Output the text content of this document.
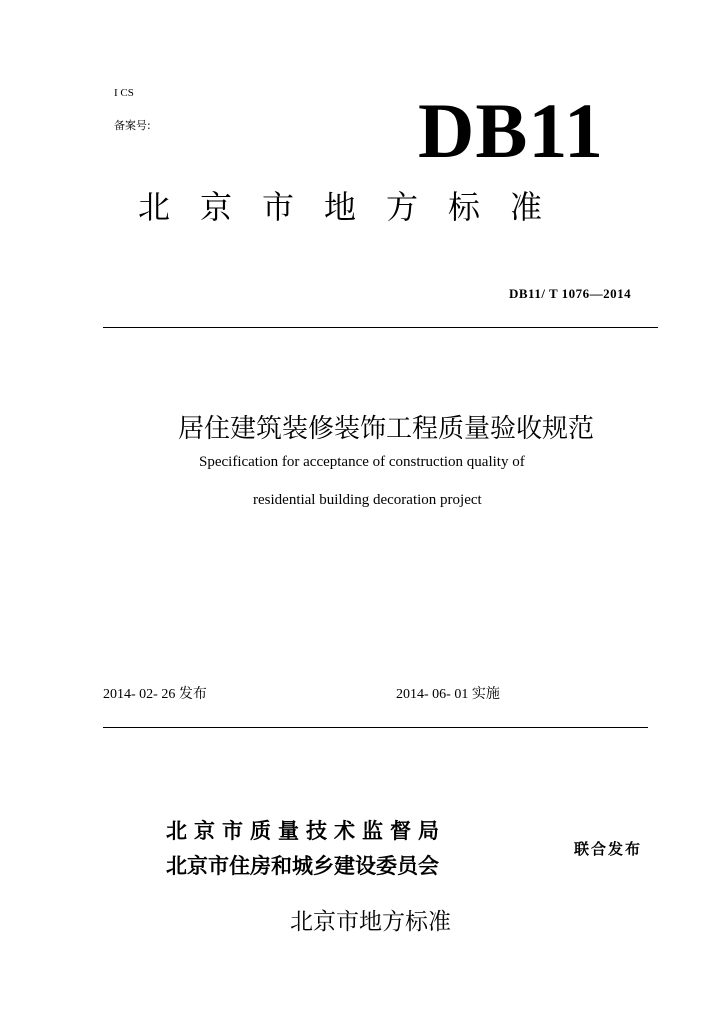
I CS
备案号:	DB11
北京市地方标准
DB11/ T 1076—2014
居住建筑装修装饰工程质量验收规范
Specification for acceptance of construction quality of
residential building decoration project
2014- 02- 26 发布	2014- 06- 01 实施
北京市质量技术监督局
北京市住房和城乡建设委员会
联合发布
北京市地方标准
